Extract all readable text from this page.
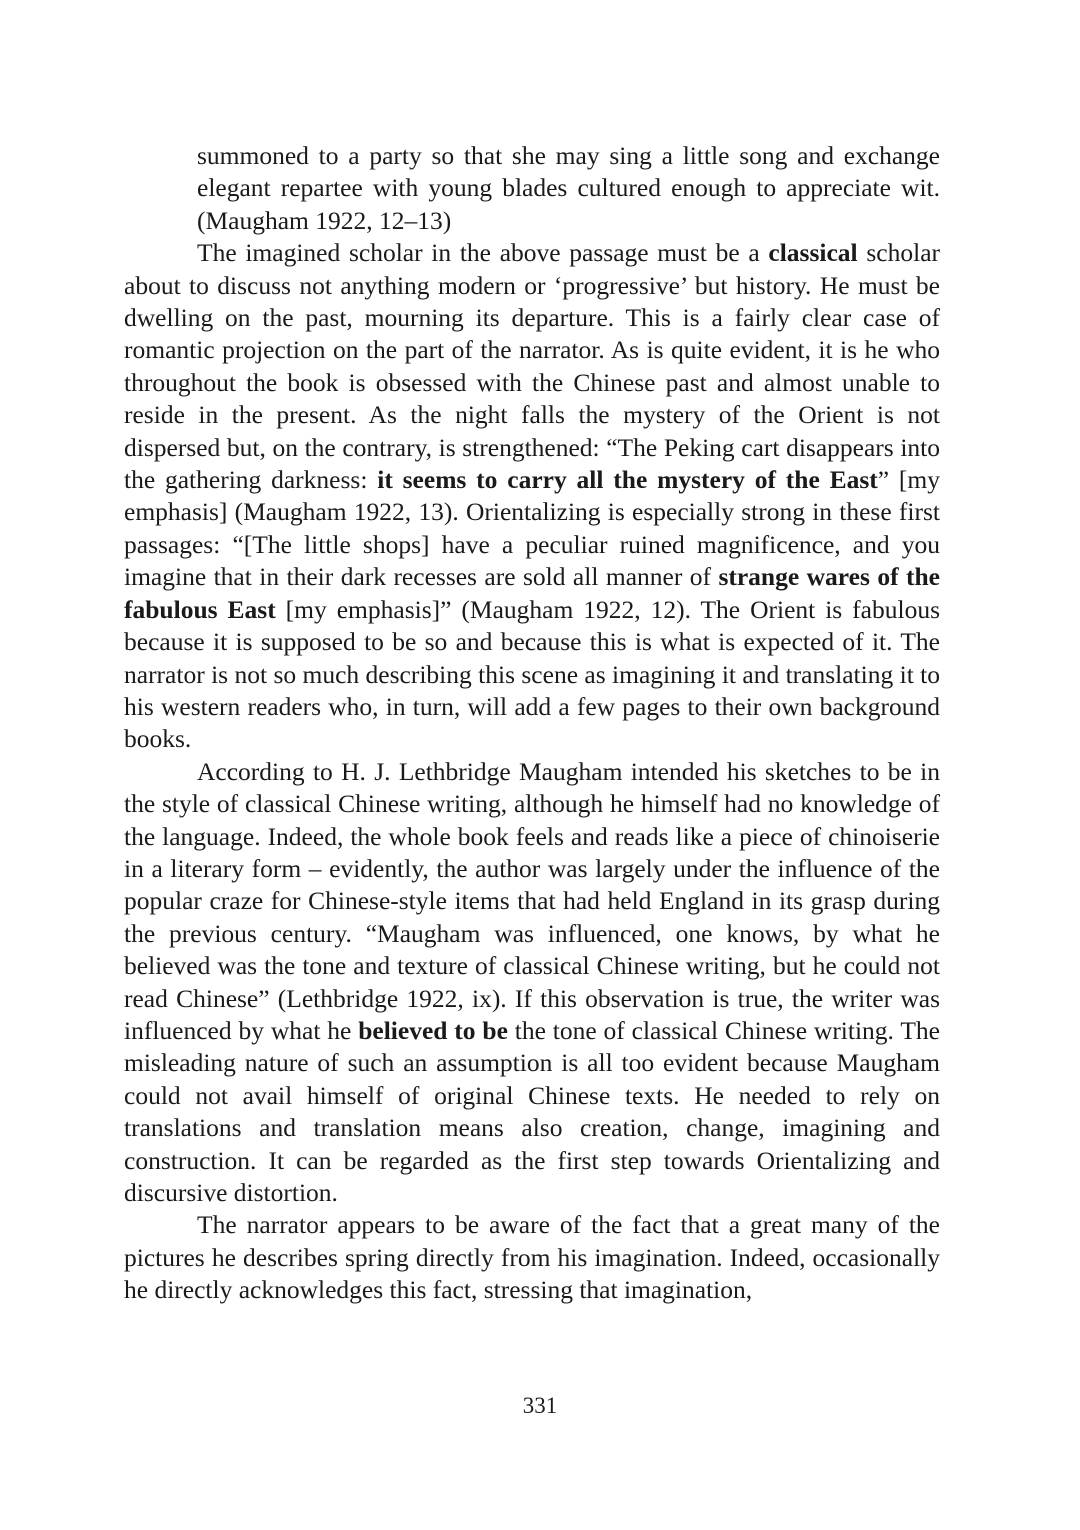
summoned to a party so that she may sing a little song and exchange elegant repartee with young blades cultured enough to appreciate wit. (Maugham 1922, 12–13)

The imagined scholar in the above passage must be a classical scholar about to discuss not anything modern or ‘progressive’ but history. He must be dwelling on the past, mourning its departure. This is a fairly clear case of romantic projection on the part of the narrator. As is quite evident, it is he who throughout the book is obsessed with the Chinese past and almost unable to reside in the present. As the night falls the mystery of the Orient is not dispersed but, on the contrary, is strengthened: “The Peking cart disappears into the gathering darkness: it seems to carry all the mystery of the East” [my emphasis] (Maugham 1922, 13). Orientalizing is especially strong in these first passages: “[The little shops] have a peculiar ruined magnificence, and you imagine that in their dark recesses are sold all manner of strange wares of the fabulous East [my emphasis]” (Maugham 1922, 12). The Orient is fabulous because it is supposed to be so and because this is what is expected of it. The narrator is not so much describing this scene as imagining it and translating it to his western readers who, in turn, will add a few pages to their own background books.

According to H. J. Lethbridge Maugham intended his sketches to be in the style of classical Chinese writing, although he himself had no knowledge of the language. Indeed, the whole book feels and reads like a piece of chinoiserie in a literary form – evidently, the author was largely under the influence of the popular craze for Chinese-style items that had held England in its grasp during the previous century. “Maugham was influenced, one knows, by what he believed was the tone and texture of classical Chinese writing, but he could not read Chinese” (Lethbridge 1922, ix). If this observation is true, the writer was influenced by what he believed to be the tone of classical Chinese writing. The misleading nature of such an assumption is all too evident because Maugham could not avail himself of original Chinese texts. He needed to rely on translations and translation means also creation, change, imagining and construction. It can be regarded as the first step towards Orientalizing and discursive distortion.

The narrator appears to be aware of the fact that a great many of the pictures he describes spring directly from his imagination. Indeed, occasionally he directly acknowledges this fact, stressing that imagination,

331
